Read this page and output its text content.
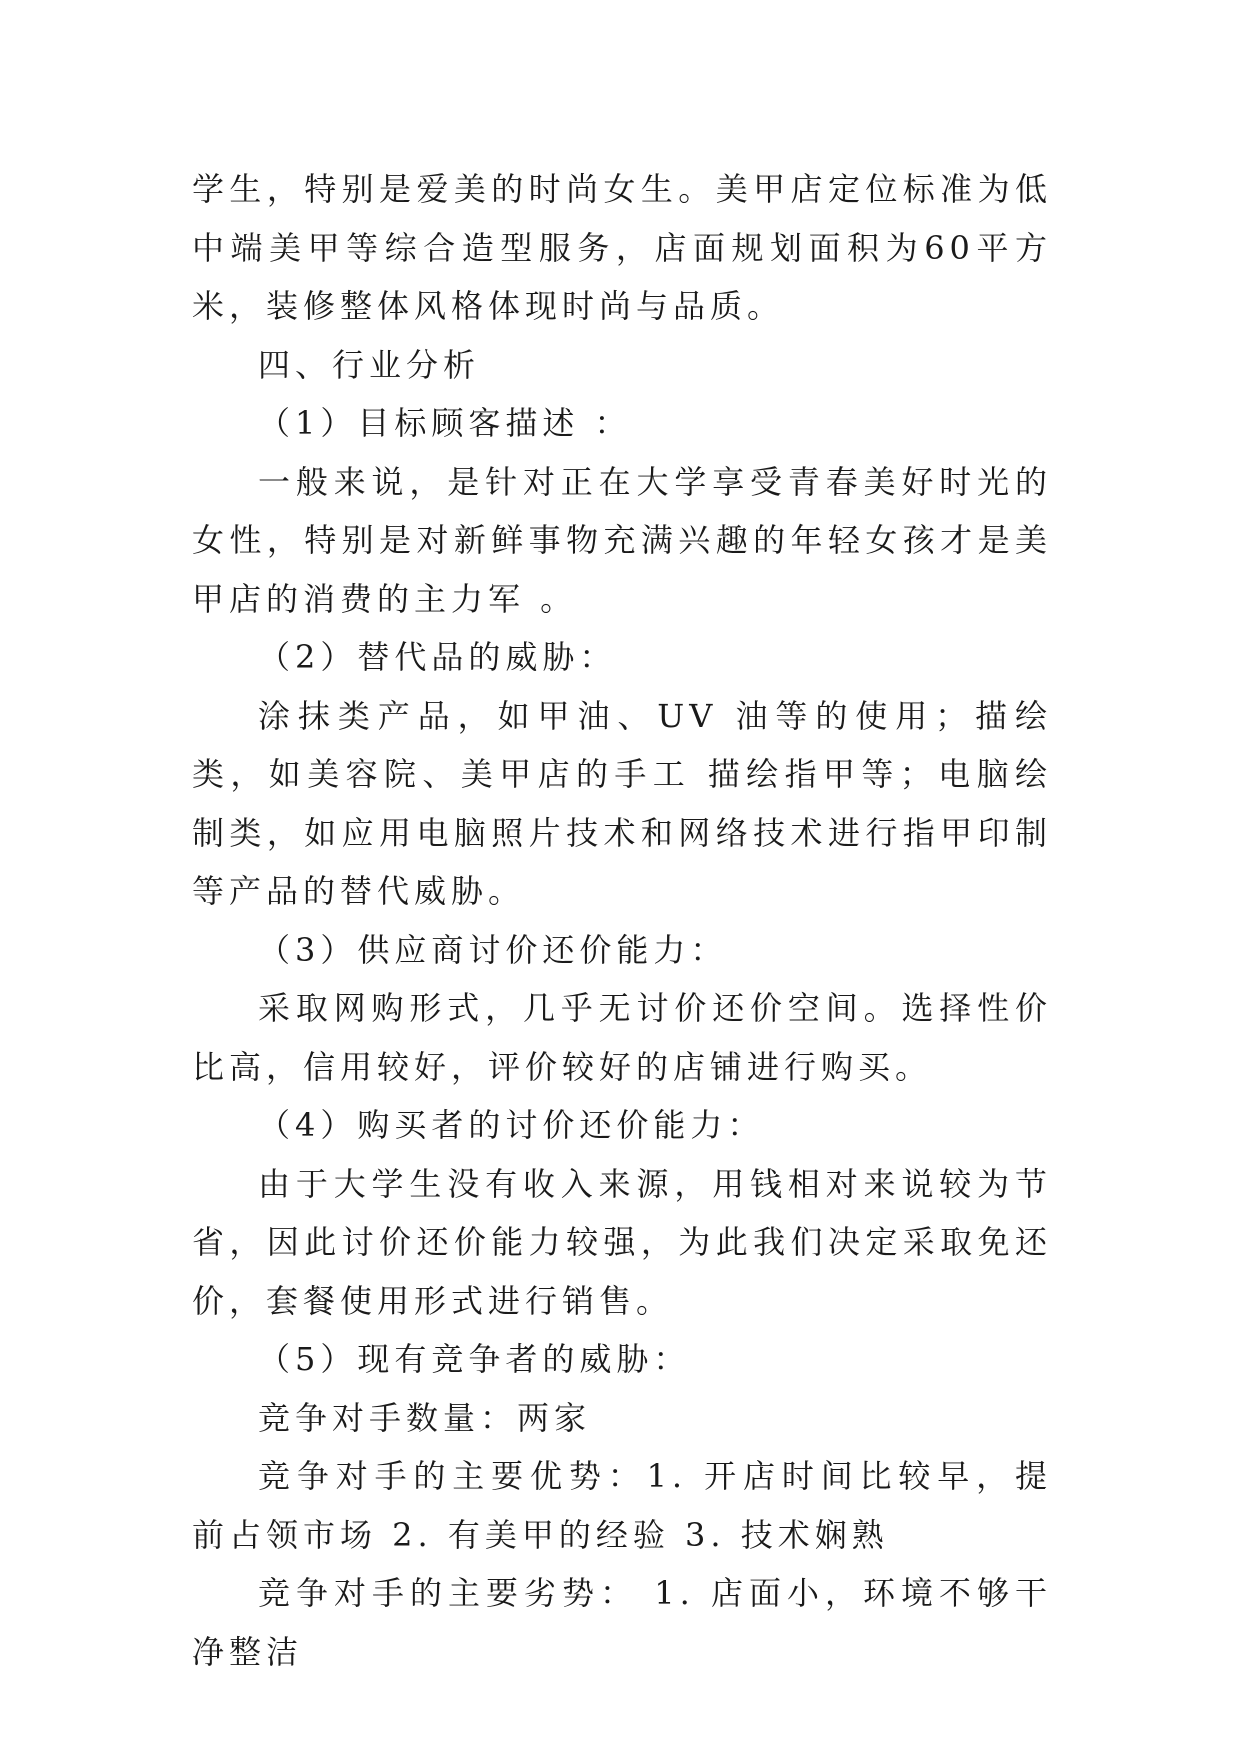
学生，特别是爱美的时尚女生。美甲店定位标准为低中端美甲等综合造型服务，店面规划面积为60平方米，装修整体风格体现时尚与品质。

四、行业分析

（1）目标顾客描述 ：

一般来说，是针对正在大学享受青春美好时光的女性，特别是对新鲜事物充满兴趣的年轻女孩才是美甲店的消费的主力军 。

（2）替代品的威胁：

涂抹类产品，如甲油、UV 油等的使用；描绘类，如美容院、美甲店的手工 描绘指甲等；电脑绘制类，如应用电脑照片技术和网络技术进行指甲印制等产品的替代威胁。

（3）供应商讨价还价能力：

采取网购形式，几乎无讨价还价空间。选择性价比高，信用较好，评价较好的店铺进行购买。

（4）购买者的讨价还价能力：

由于大学生没有收入来源，用钱相对来说较为节省，因此讨价还价能力较强，为此我们决定采取免还价，套餐使用形式进行销售。

（5）现有竞争者的威胁：

竞争对手数量：两家

竞争对手的主要优势：1. 开店时间比较早，提前占领市场 2. 有美甲的经验 3. 技术娴熟

竞争对手的主要劣势： 1. 店面小，环境不够干净整洁
